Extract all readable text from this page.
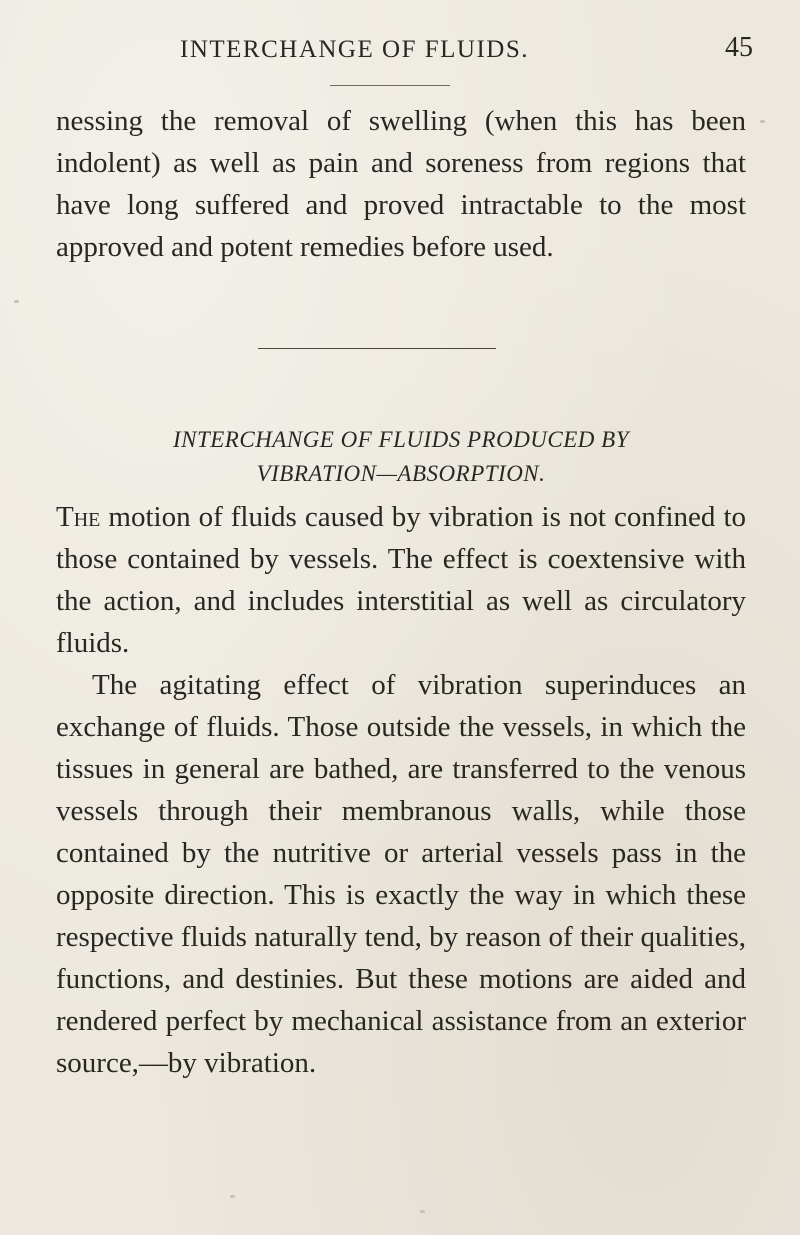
INTERCHANGE OF FLUIDS.	45

nessing the removal of swelling (when this has been indolent) as well as pain and soreness from regions that have long suffered and proved intractable to the most approved and potent remedies before used.

INTERCHANGE OF FLUIDS PRODUCED BY
VIBRATION—ABSORPTION.

The motion of fluids caused by vibration is not confined to those contained by vessels. The effect is coextensive with the action, and includes interstitial as well as circulatory fluids.

The agitating effect of vibration superinduces an exchange of fluids. Those outside the vessels, in which the tissues in general are bathed, are transferred to the venous vessels through their membranous walls, while those contained by the nutritive or arterial vessels pass in the opposite direction. This is exactly the way in which these respective fluids naturally tend, by reason of their qualities, functions, and destinies. But these motions are aided and rendered perfect by mechanical assistance from an exterior source,—by vibration.
